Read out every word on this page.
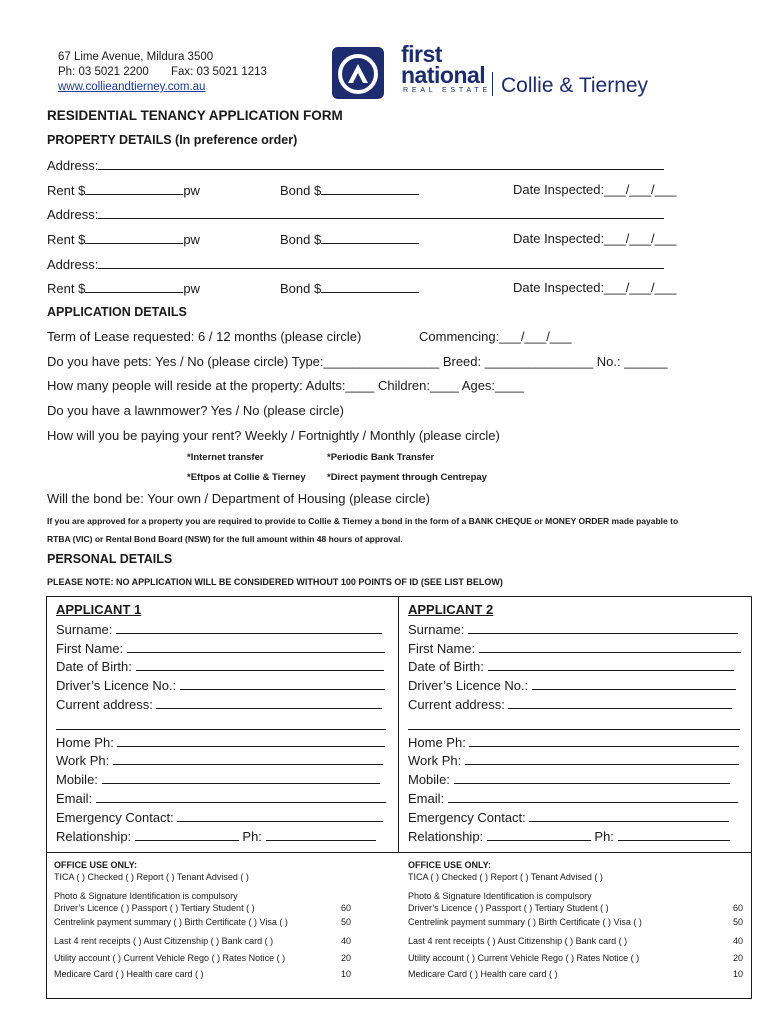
67 Lime Avenue, Mildura 3500
Ph: 03 5021 2200 Fax: 03 5021 1213
www.collieandtierney.com.au
first
national
REAL ESTATE Collie & Tierney
RESIDENTIAL TENANCY APPLICATION FORM
PROPERTY DETAILS (In preference order)
Address:
Rent $	pw	Bond $	Date Inspected:___/___/___
Address:
Rent $	pw	Bond $	Date Inspected:___/___/___
Address:
Rent $	pw	Bond $	Date Inspected:___/___/___
APPLICATION DETAILS
Term of Lease requested: 6 / 12 months (please circle)	Commencing:___/___/___
Do you have pets: Yes / No (please circle) Type:________________ Breed: _______________ No.: ______
How many people will reside at the property: Adults:____ Children:____ Ages:____
Do you have a lawnmower? Yes / No (please circle)
How will you be paying your rent? Weekly / Fortnightly / Monthly (please circle)
*Internet transfer	*Periodic Bank Transfer
*Eftpos at Collie & Tierney *Direct payment through Centrepay
Will the bond be: Your own / Department of Housing (please circle)
If you are approved for a property you are required to provide to Collie & Tierney a bond in the form of a BANK CHEQUE or MONEY ORDER made payable to
RTBA (VIC) or Rental Bond Board (NSW) for the full amount within 48 hours of approval.
PERSONAL DETAILS
PLEASE NOTE: NO APPLICATION WILL BE CONSIDERED WITHOUT 100 POINTS OF ID (SEE LIST BELOW)
APPLICANT 1
Surname:
First Name:
Date of Birth:
Driver’s Licence No.:
Current address:
Home Ph:
Work Ph:
Mobile:
Email:
Emergency Contact:
Relationship:	Ph:
APPLICANT 2
Surname:
First Name:
Date of Birth:
Driver’s Licence No.:
Current address:
Home Ph:
Work Ph:
Mobile:
Email:
Emergency Contact:
Relationship:	Ph:
OFFICE USE ONLY:
TICA ( ) Checked ( ) Report ( ) Tenant Advised ( )
Photo & Signature Identification is compulsory
Driver’s Licence ( ) Passport ( ) Tertiary Student ( )	60
Centrelink payment summary ( ) Birth Certificate ( ) Visa ( )	50
Last 4 rent receipts ( ) Aust Citizenship ( ) Bank card ( )	40
Utility account ( ) Current Vehicle Rego ( ) Rates Notice ( )	20
Medicare Card ( ) Health care card ( )	10
OFFICE USE ONLY:
TICA ( ) Checked ( ) Report ( ) Tenant Advised ( )
Photo & Signature Identification is compulsory
Driver’s Licence ( ) Passport ( ) Tertiary Student ( )	60
Centrelink payment summary ( ) Birth Certificate ( ) Visa ( )	50
Last 4 rent receipts ( ) Aust Citizenship ( ) Bank card ( )	40
Utility account ( ) Current Vehicle Rego ( ) Rates Notice ( )	20
Medicare Card ( ) Health care card ( )	10
